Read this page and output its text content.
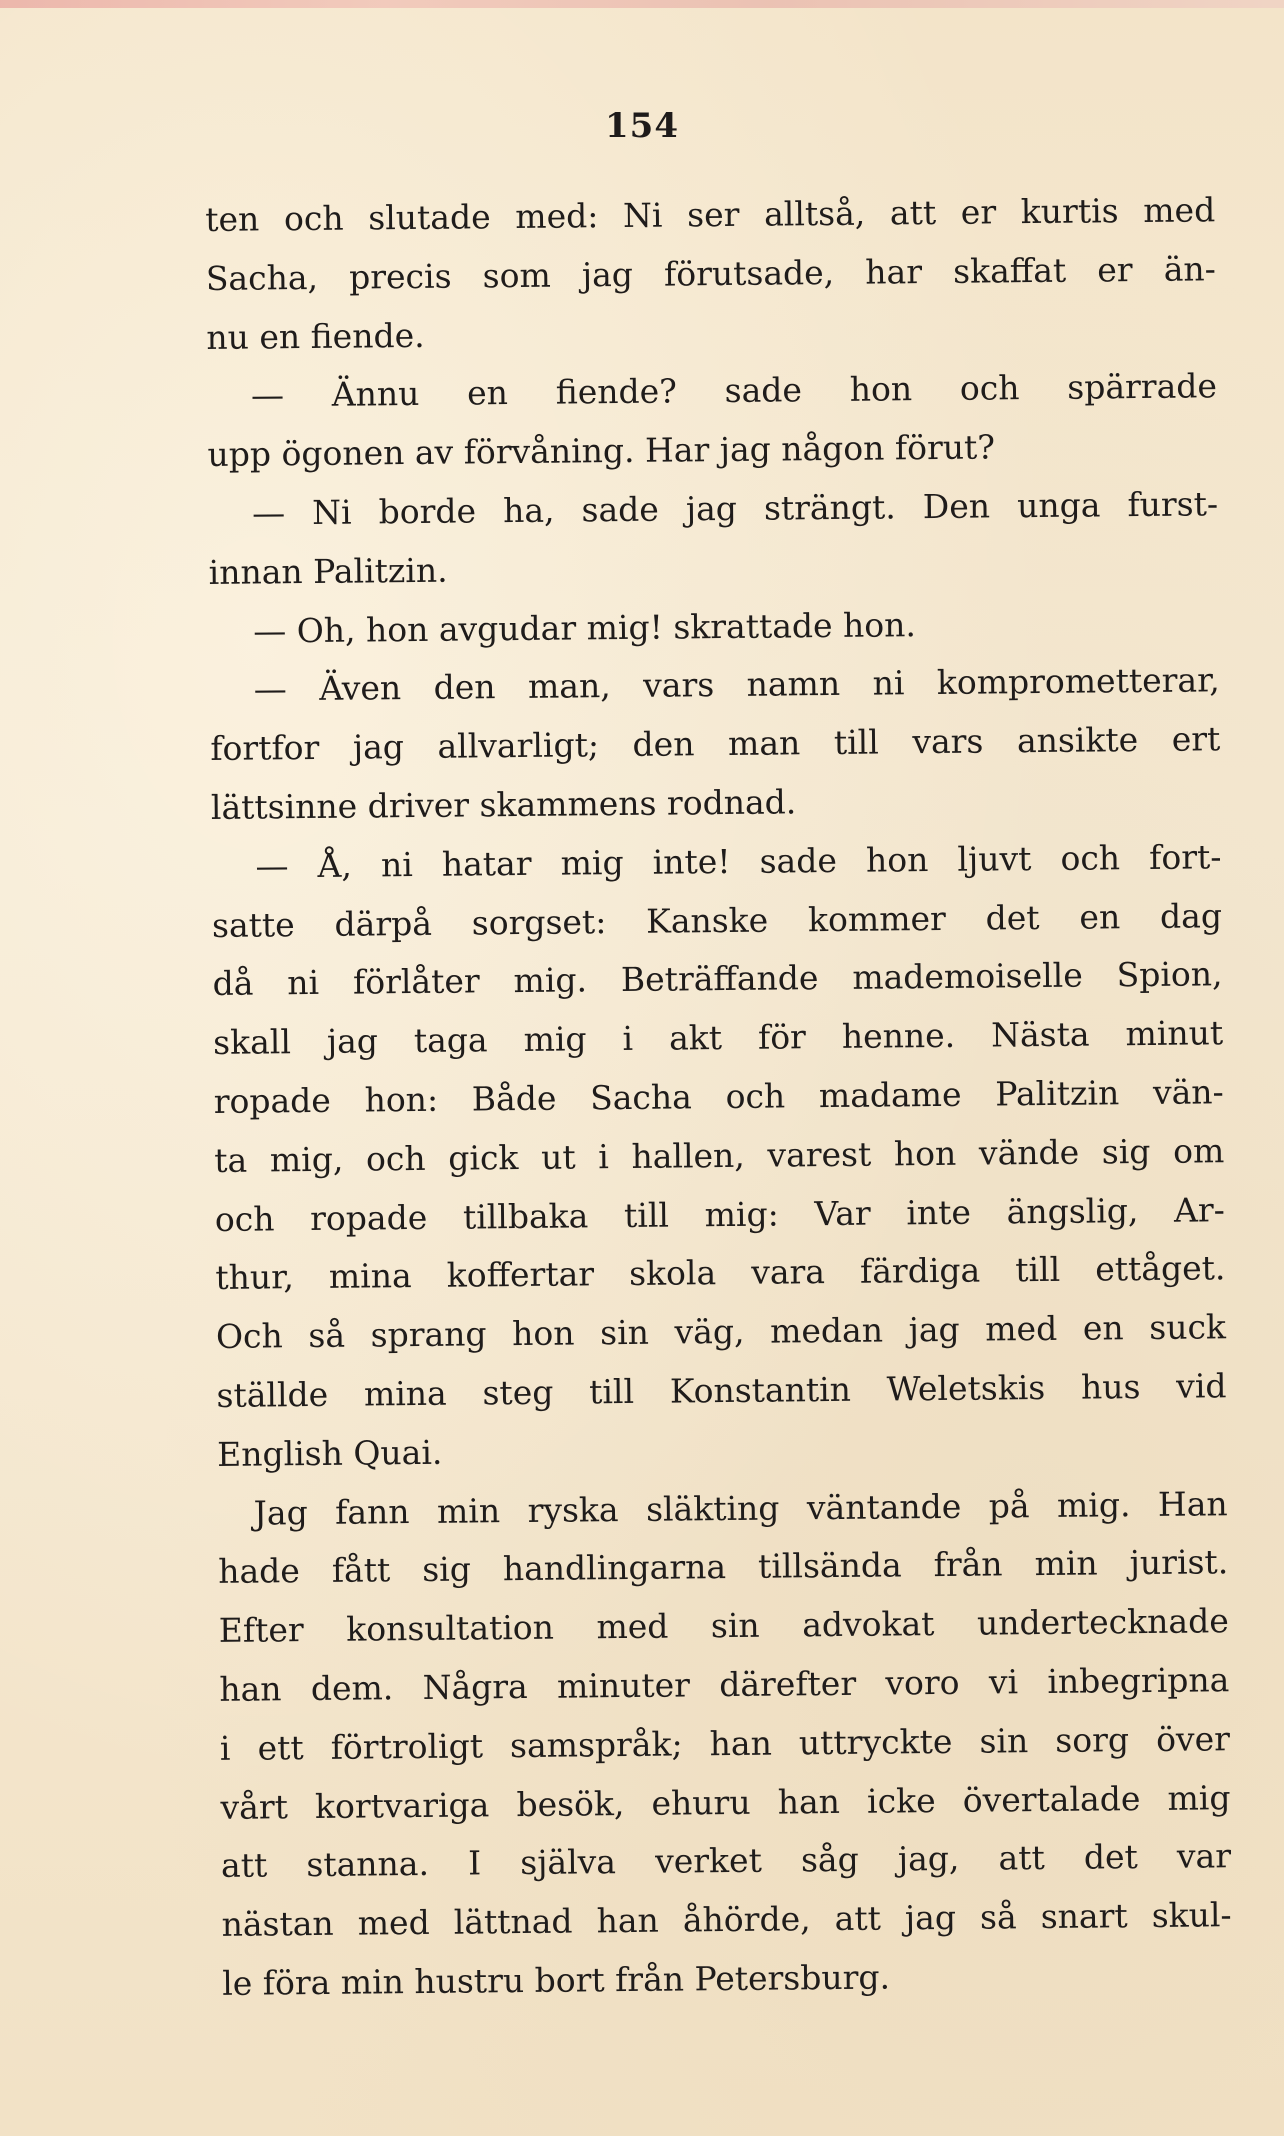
154
ten och slutade med: Ni ser alltså, att er kurtis med
Sacha, precis som jag förutsade, har skaffat er än-
nu en fiende.
— Ännu en fiende? sade hon och spärrade
upp ögonen av förvåning. Har jag någon förut?
— Ni borde ha, sade jag strängt. Den unga furst-
innan Palitzin.
— Oh, hon avgudar mig! skrattade hon.
— Även den man, vars namn ni komprometterar,
fortfor jag allvarligt; den man till vars ansikte ert
lättsinne driver skammens rodnad.
— Å, ni hatar mig inte! sade hon ljuvt och fort-
satte därpå sorgset: Kanske kommer det en dag
då ni förlåter mig. Beträffande mademoiselle Spion,
skall jag taga mig i akt för henne. Nästa minut
ropade hon: Både Sacha och madame Palitzin vän-
ta mig, och gick ut i hallen, varest hon vände sig om
och ropade tillbaka till mig: Var inte ängslig, Ar-
thur, mina koffertar skola vara färdiga till ettåget.
Och så sprang hon sin väg, medan jag med en suck
ställde mina steg till Konstantin Weletskis hus vid
English Quai.
Jag fann min ryska släkting väntande på mig. Han
hade fått sig handlingarna tillsända från min jurist.
Efter konsultation med sin advokat undertecknade
han dem. Några minuter därefter voro vi inbegripna
i ett förtroligt samspråk; han uttryckte sin sorg över
vårt kortvariga besök, ehuru han icke övertalade mig
att stanna. I själva verket såg jag, att det var
nästan med lättnad han åhörde, att jag så snart skul-
le föra min hustru bort från Petersburg.
